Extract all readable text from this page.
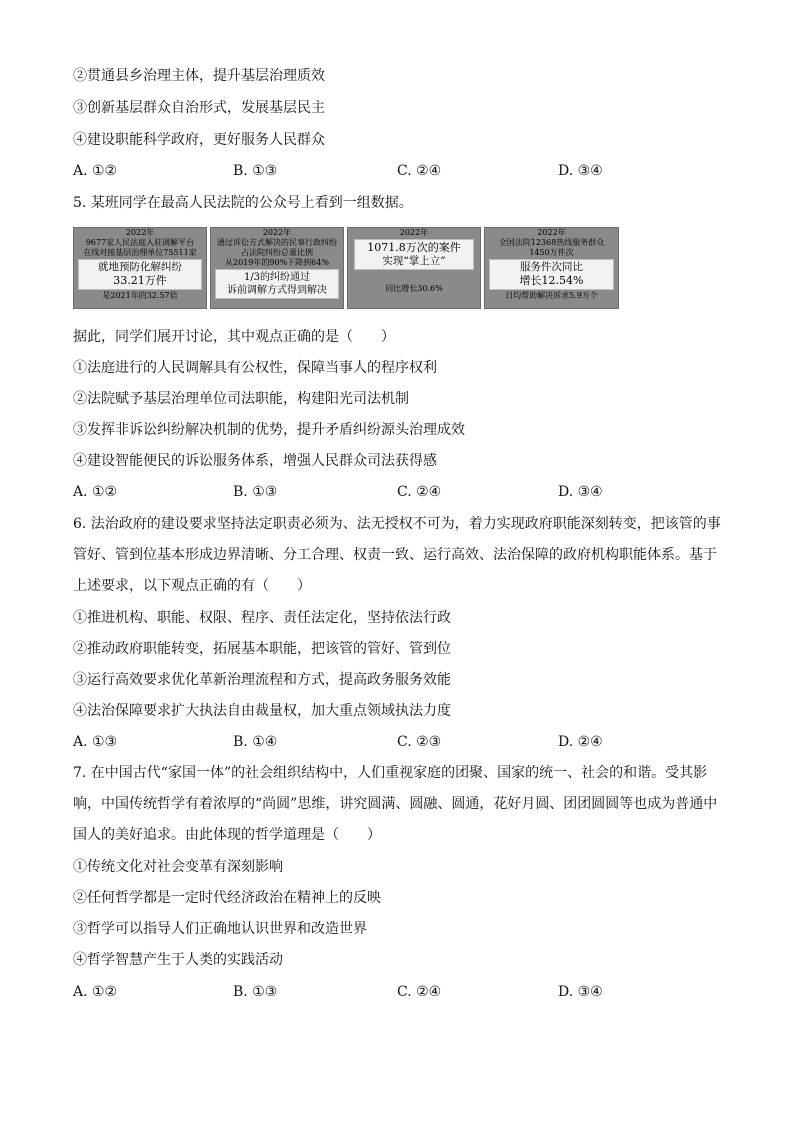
②贯通县乡治理主体，提升基层治理质效
③创新基层群众自治形式，发展基层民主
④建设职能科学政府，更好服务人民群众
A. ①②	B. ①③	C. ②④	D. ③④
5. 某班同学在最高人民法院的公众号上看到一组数据。
2022年
9677家人民法庭入驻调解平台
在线对接基层治理单位75511家
就地预防化解纠纷
33.21万件
是2021年的32.57倍
2022年
通过诉讼方式解决的民事行政纠纷
占法院纠纷总量比例
从2019年的90%下降到64%
1/3的纠纷通过
诉前调解方式得到解决
2022年
1071.8万次的案件
实现“掌上立”
同比增长30.6%
2022年
全国法院12368热线服务群众
1450万件次
服务件次同比
增长12.54%
日均帮助解决诉求5.9万个
据此，同学们展开讨论，其中观点正确的是（　　）
①法庭进行的人民调解具有公权性，保障当事人的程序权利
②法院赋予基层治理单位司法职能，构建阳光司法机制
③发挥非诉讼纠纷解决机制的优势，提升矛盾纠纷源头治理成效
④建设智能便民的诉讼服务体系，增强人民群众司法获得感
A. ①②	B. ①③	C. ②④	D. ③④
6. 法治政府的建设要求坚持法定职责必须为、法无授权不可为，着力实现政府职能深刻转变，把该管的事管好、管到位基本形成边界清晰、分工合理、权责一致、运行高效、法治保障的政府机构职能体系。基于上述要求，以下观点正确的有（　　）
①推进机构、职能、权限、程序、责任法定化，坚持依法行政
②推动政府职能转变，拓展基本职能，把该管的管好、管到位
③运行高效要求优化革新治理流程和方式，提高政务服务效能
④法治保障要求扩大执法自由裁量权，加大重点领域执法力度
A. ①③	B. ①④	C. ②③	D. ②④
7. 在中国古代“家国一体”的社会组织结构中，人们重视家庭的团聚、国家的统一、社会的和谐。受其影响，中国传统哲学有着浓厚的“尚圆”思维，讲究圆满、圆融、圆通，花好月圆、团团圆圆等也成为普通中国人的美好追求。由此体现的哲学道理是（　　）
①传统文化对社会变革有深刻影响
②任何哲学都是一定时代经济政治在精神上的反映
③哲学可以指导人们正确地认识世界和改造世界
④哲学智慧产生于人类的实践活动
A. ①②	B. ①③	C. ②④	D. ③④
